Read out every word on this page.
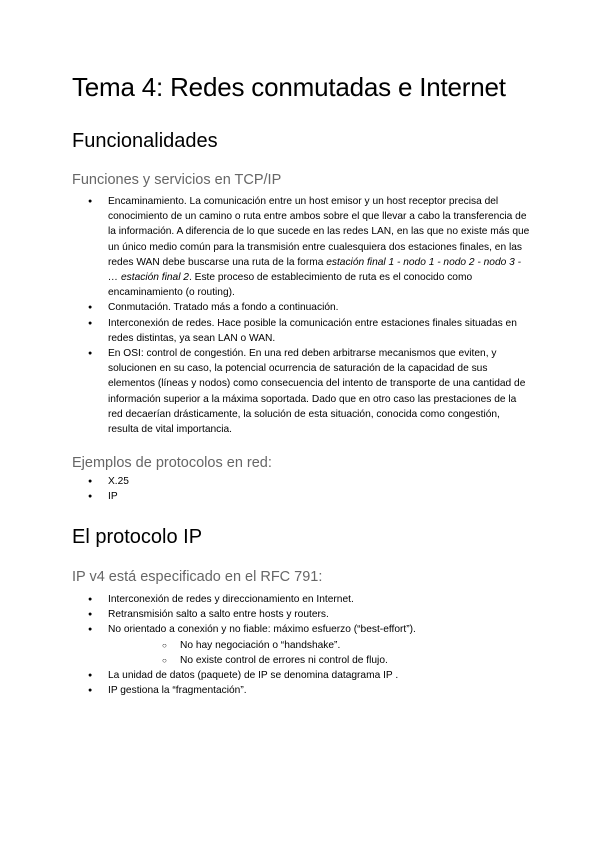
Tema 4: Redes conmutadas e Internet
Funcionalidades
Funciones y servicios en TCP/IP
● Encaminamiento. La comunicación entre un host emisor y un host receptor precisa del conocimiento de un camino o ruta entre ambos sobre el que llevar a cabo la transferencia de la información. A diferencia de lo que sucede en las redes LAN, en las que no existe más que un único medio común para la transmisión entre cualesquiera dos estaciones finales, en las redes WAN debe buscarse una ruta de la forma estación final 1 - nodo 1 - nodo 2 - nodo 3 - … estación final 2. Este proceso de establecimiento de ruta es el conocido como encaminamiento (o routing).
● Conmutación. Tratado más a fondo a continuación.
● Interconexión de redes. Hace posible la comunicación entre estaciones finales situadas en redes distintas, ya sean LAN o WAN.
● En OSI: control de congestión. En una red deben arbitrarse mecanismos que eviten, y solucionen en su caso, la potencial ocurrencia de saturación de la capacidad de sus elementos (líneas y nodos) como consecuencia del intento de transporte de una cantidad de información superior a la máxima soportada. Dado que en otro caso las prestaciones de la red decaerían drásticamente, la solución de esta situación, conocida como congestión, resulta de vital importancia.
Ejemplos de protocolos en red:
● X.25
● IP
El protocolo IP
IP v4 está especificado en el RFC 791:
● Interconexión de redes y direccionamiento en Internet.
● Retransmisión salto a salto entre hosts y routers.
● No orientado a conexión y no fiable: máximo esfuerzo (“best-effort”).
○ No hay negociación o “handshake”.
○ No existe control de errores ni control de flujo.
● La unidad de datos (paquete) de IP se denomina datagrama IP .
● IP gestiona la “fragmentación”.
